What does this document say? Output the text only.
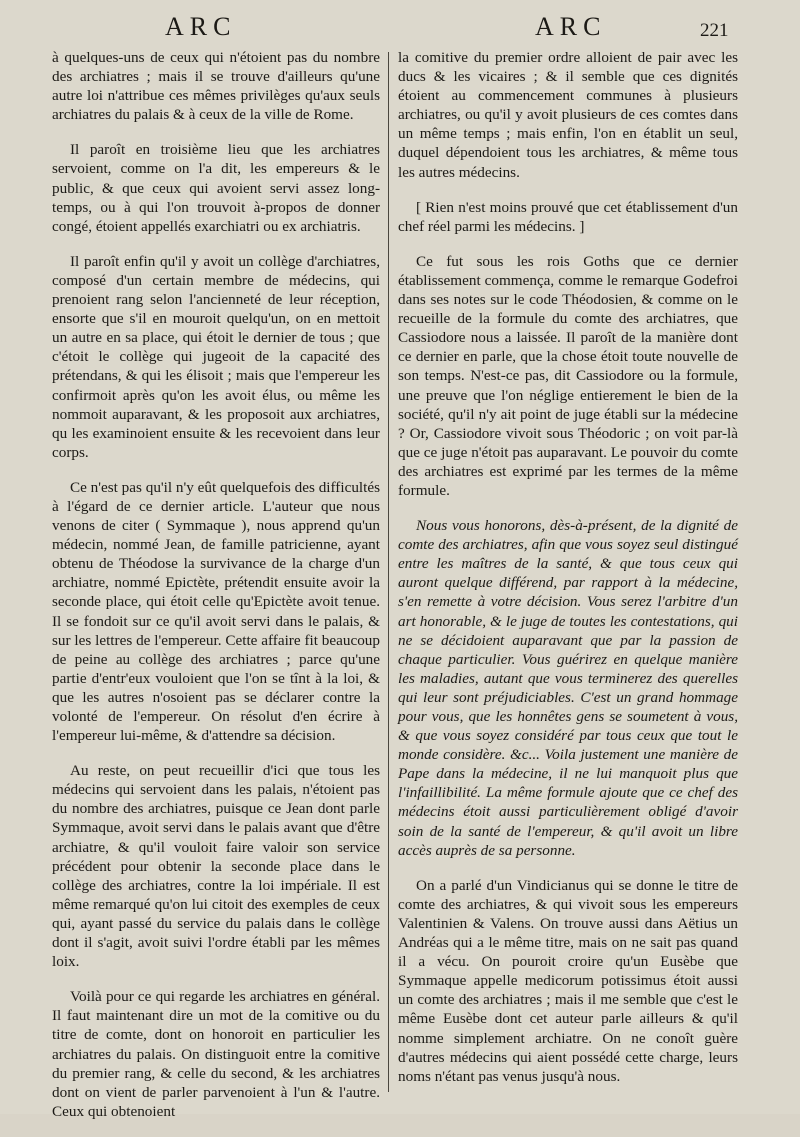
ARC	ARC	221

à quelques-uns de ceux qui n'étoient pas du nombre des archiatres ; mais il se trouve d'ailleurs qu'une autre loi n'attribue ces mêmes privilèges qu'aux seuls archiatres du palais & à ceux de la ville de Rome.

Il paroît en troisième lieu que les archiatres servoient, comme on l'a dit, les empereurs & le public, & que ceux qui avoient servi assez long-temps, ou à qui l'on trouvoit à-propos de donner congé, étoient appellés exarchiatri ou ex archiatris.

Il paroît enfin qu'il y avoit un collège d'archiatres, composé d'un certain membre de médecins, qui prenoient rang selon l'ancienneté de leur réception, ensorte que s'il en mouroit quelqu'un, on en mettoit un autre en sa place, qui étoit le dernier de tous ; que c'étoit le collège qui jugeoit de la capacité des prétendans, & qui les élisoit ; mais que l'empereur les confirmoit après qu'on les avoit élus, ou même les nommoit auparavant, & les proposoit aux archiatres, qu les examinoient ensuite & les recevoient dans leur corps.

Ce n'est pas qu'il n'y eût quelquefois des difficultés à l'égard de ce dernier article. L'auteur que nous venons de citer ( Symmaque ), nous apprend qu'un médecin, nommé Jean, de famille patricienne, ayant obtenu de Théodose la survivance de la charge d'un archiatre, nommé Epictète, prétendit ensuite avoir la seconde place, qui étoit celle qu'Epictète avoit tenue. Il se fondoit sur ce qu'il avoit servi dans le palais, & sur les lettres de l'empereur. Cette affaire fit beaucoup de peine au collège des archiatres ; parce qu'une partie d'entr'eux vouloient que l'on se tînt à la loi, & que les autres n'osoient pas se déclarer contre la volonté de l'empereur. On résolut d'en écrire à l'empereur lui-même, & d'attendre sa décision.

Au reste, on peut recueillir d'ici que tous les médecins qui servoient dans les palais, n'étoient pas du nombre des archiatres, puisque ce Jean dont parle Symmaque, avoit servi dans le palais avant que d'être archiatre, & qu'il vouloit faire valoir son service précédent pour obtenir la seconde place dans le collège des archiatres, contre la loi impériale. Il est même remarqué qu'on lui citoit des exemples de ceux qui, ayant passé du service du palais dans le collège dont il s'agit, avoit suivi l'ordre établi par les mêmes loix.

Voilà pour ce qui regarde les archiatres en général. Il faut maintenant dire un mot de la comitive ou du titre de comte, dont on honoroit en particulier les archiatres du palais. On distinguoit entre la comitive du premier rang, & celle du second, & les archiatres dont on vient de parler parvenoient à l'un & l'autre. Ceux qui obtenoient

la comitive du premier ordre alloient de pair avec les ducs & les vicaires ; & il semble que ces dignités étoient au commencement communes à plusieurs archiatres, ou qu'il y avoit plusieurs de ces comtes dans un même temps ; mais enfin, l'on en établit un seul, duquel dépendoient tous les archiatres, & même tous les autres médecins.

[ Rien n'est moins prouvé que cet établissement d'un chef réel parmi les médecins. ]

Ce fut sous les rois Goths que ce dernier établissement commença, comme le remarque Godefroi dans ses notes sur le code Théodosien, & comme on le recueille de la formule du comte des archiatres, que Cassiodore nous a laissée. Il paroît de la manière dont ce dernier en parle, que la chose étoit toute nouvelle de son temps. N'est-ce pas, dit Cassiodore ou la formule, une preuve que l'on néglige entierement le bien de la société, qu'il n'y ait point de juge établi sur la médecine ? Or, Cassiodore vivoit sous Théodoric ; on voit par-là que ce juge n'étoit pas auparavant. Le pouvoir du comte des archiatres est exprimé par les termes de la même formule.

Nous vous honorons, dès-à-présent, de la dignité de comte des archiatres, afin que vous soyez seul distingué entre les maîtres de la santé, & que tous ceux qui auront quelque différend, par rapport à la médecine, s'en remette à votre décision. Vous serez l'arbitre d'un art honorable, & le juge de toutes les contestations, qui ne se décidoient auparavant que par la passion de chaque particulier. Vous guérirez en quelque manière les maladies, autant que vous terminerez des querelles qui leur sont préjudiciables. C'est un grand hommage pour vous, que les honnêtes gens se soumetent à vous, & que vous soyez considéré par tous ceux que tout le monde considère. &c... Voila justement une manière de Pape dans la médecine, il ne lui manquoit plus que l'infaillibilité. La même formule ajoute que ce chef des médecins étoit aussi particulièrement obligé d'avoir soin de la santé de l'empereur, & qu'il avoit un libre accès auprès de sa personne.

On a parlé d'un Vindicianus qui se donne le titre de comte des archiatres, & qui vivoit sous les empereurs Valentinien & Valens. On trouve aussi dans Aëtius un Andréas qui a le même titre, mais on ne sait pas quand il a vécu. On pouroit croire qu'un Eusèbe que Symmaque appelle medicorum potissimus étoit aussi un comte des archiatres ; mais il me semble que c'est le même Eusèbe dont cet auteur parle ailleurs & qu'il nomme simplement archiatre. On ne conoît guère d'autres médecins qui aient possédé cette charge, leurs noms n'étant pas venus jusqu'à nous.
